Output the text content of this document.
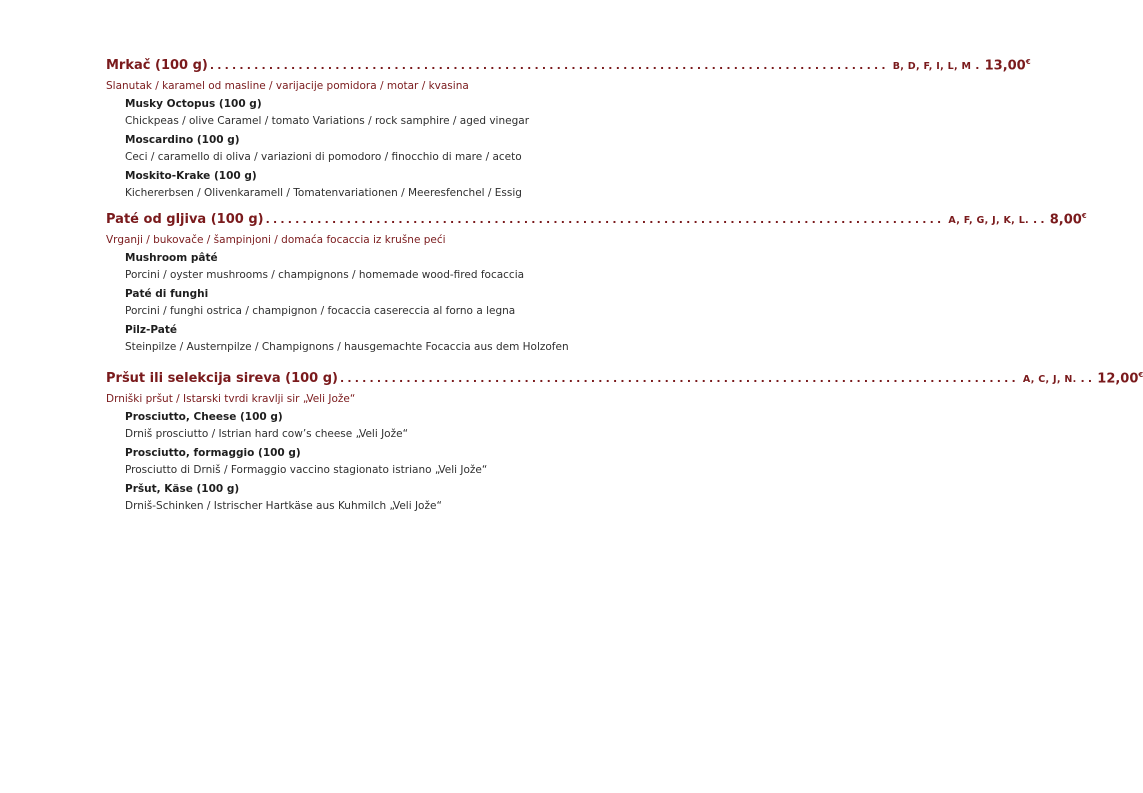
Mrkač (100 g) ............................................................................................ B, D, F, I, L, M . 13,00€
Slanutak / karamel od masline / varijacije pomidora / motar / kvasina
Musky Octopus (100 g)
Chickpeas / olive Caramel / tomato Variations / rock samphire / aged vinegar
Moscardino (100 g)
Ceci / caramello di oliva / variazioni di pomodoro / finocchio di mare / aceto
Moskito-Krake (100 g)
Kichererbsen / Olivenkaramell / Tomatenvariationen / Meeresfenchel / Essig
Paté od gljiva (100 g) ............................................................................................ A, F, G, J, K, L. .. 8,00€
Vrganji / bukovače / šampinjoni / domaća focaccia iz krušne peći
Mushroom pâté
Porcini / oyster mushrooms / champignons / homemade wood-fired focaccia
Paté di funghi
Porcini / funghi ostrica / champignon / focaccia casereccia al forno a legna
Pilz-Paté
Steinpilze / Austernpilze / Champignons / hausgemachte Focaccia aus dem Holzofen
Pršut ili selekcija sireva (100 g) ............................................................................................ A, C, J, N. .. 12,00€
Drniški pršut / Istarski tvrdi kravlji sir „Veli Jože“
Prosciutto, Cheese (100 g)
Drniš prosciutto / Istrian hard cow’s cheese „Veli Jože“
Prosciutto, formaggio (100 g)
Prosciutto di Drniš / Formaggio vaccino stagionato istriano „Veli Jože“
Pršut, Käse (100 g)
Drniš-Schinken / Istrischer Hartkäse aus Kuhmilch „Veli Jože“
